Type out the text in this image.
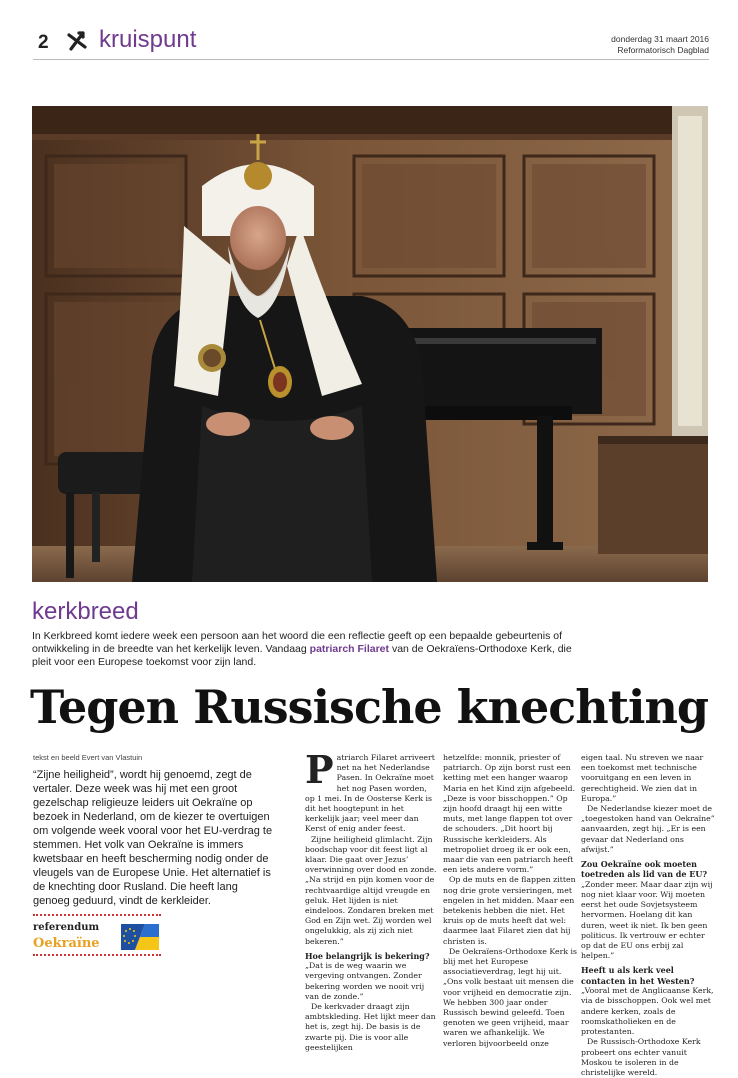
2 kruispunt	donderdag 31 maart 2016
Reformatorisch Dagblad
kerkbreed

In Kerkbreed komt iedere week een persoon aan het woord die een reflectie geeft op een bepaalde gebeurtenis of ontwikkeling in de breedte van het kerkelijk leven. Vandaag patriarch Filaret van de Oekraïens-Orthodoxe Kerk, die pleit voor een Europese toekomst voor zijn land.

Tegen Russische knechting
tekst en beeld Evert van Vlastuin

“Zijne heiligheid”, wordt hij genoemd, zegt de vertaler. Deze week was hij met een groot gezelschap religieuze leiders uit Oekraïne op bezoek in Nederland, om de kiezer te overtuigen om volgende week vooral voor het EU-verdrag te stemmen. Het volk van Oekraïne is immers kwetsbaar en heeft bescherming nodig onder de vleugels van de Europese Unie. Het alternatief is de knechting door Rusland. Die heeft lang genoeg geduurd, vindt de kerkleider.

referendum
Oekraïne

Patriarch Filaret arriveert net na het Nederlandse Pasen. In Oekraïne moet het nog Pasen worden, op 1 mei. In de Oosterse Kerk is dit het hoogtepunt in het kerkelijk jaar; veel meer dan Kerst of enig ander feest.

Zijne heiligheid glimlacht. Zijn boodschap voor dit feest ligt al klaar. Die gaat over Jezus’ overwinning over dood en zonde. „Na strijd en pijn komen voor de rechtvaardige altijd vreugde en geluk. Het lijden is niet eindeloos. Zondaren breken met God en Zijn wet. Zij worden wel ongelukkig, als zij zich niet bekeren.”

Hoe belangrijk is bekering?

„Dat is de weg waarin we vergeving ontvangen. Zonder bekering worden we nooit vrij van de zonde.”

De kerkvader draagt zijn ambtskleding. Het lijkt meer dan het is, zegt hij. De basis is de zwarte pij. Die is voor alle geestelijken

hetzelfde: monnik, priester of patriarch. Op zijn borst rust een ketting met een hanger waarop Maria en het Kind zijn afgebeeld. „Deze is voor bisschoppen.” Op zijn hoofd draagt hij een witte muts, met lange flappen tot over de schouders. „Dit hoort bij Russische kerkleiders. Als metropoliet droeg ik er ook een, maar die van een patriarch heeft een iets andere vorm.”

Op de muts en de flappen zitten nog drie grote versieringen, met engelen in het midden. Maar een betekenis hebben die niet. Het kruis op de muts heeft dat wel: daarmee laat Filaret zien dat hij christen is.

De Oekraïens-Orthodoxe Kerk is blij met het Europese associatieverdrag, legt hij uit. „Ons volk bestaat uit mensen die voor vrijheid en democratie zijn. We hebben 300 jaar onder Russisch bewind geleefd. Toen genoten we geen vrijheid, maar waren we afhankelijk. We verloren bijvoorbeeld onze

eigen taal. Nu streven we naar een toekomst met technische vooruitgang en een leven in gerechtigheid. We zien dat in Europa.”

De Nederlandse kiezer moet de „toegestoken hand van Oekraïne” aanvaarden, zegt hij. „Er is een gevaar dat Nederland ons afwijst.”

Zou Oekraïne ook moeten toetreden als lid van de EU?

„Zonder meer. Maar daar zijn wij nog niet klaar voor. Wij moeten eerst het oude Sovjetsysteem hervormen. Hoelang dit kan duren, weet ik niet. Ik ben geen politicus. Ik vertrouw er echter op dat de EU ons erbij zal helpen.”

Heeft u als kerk veel contacten in het Westen?

„Vooral met de Anglicaanse Kerk, via de bisschoppen. Ook wel met andere kerken, zoals de roomskatholieken en de protestanten.

De Russisch-Orthodoxe Kerk probeert ons echter vanuit Moskou te isoleren in de christelijke wereld.
